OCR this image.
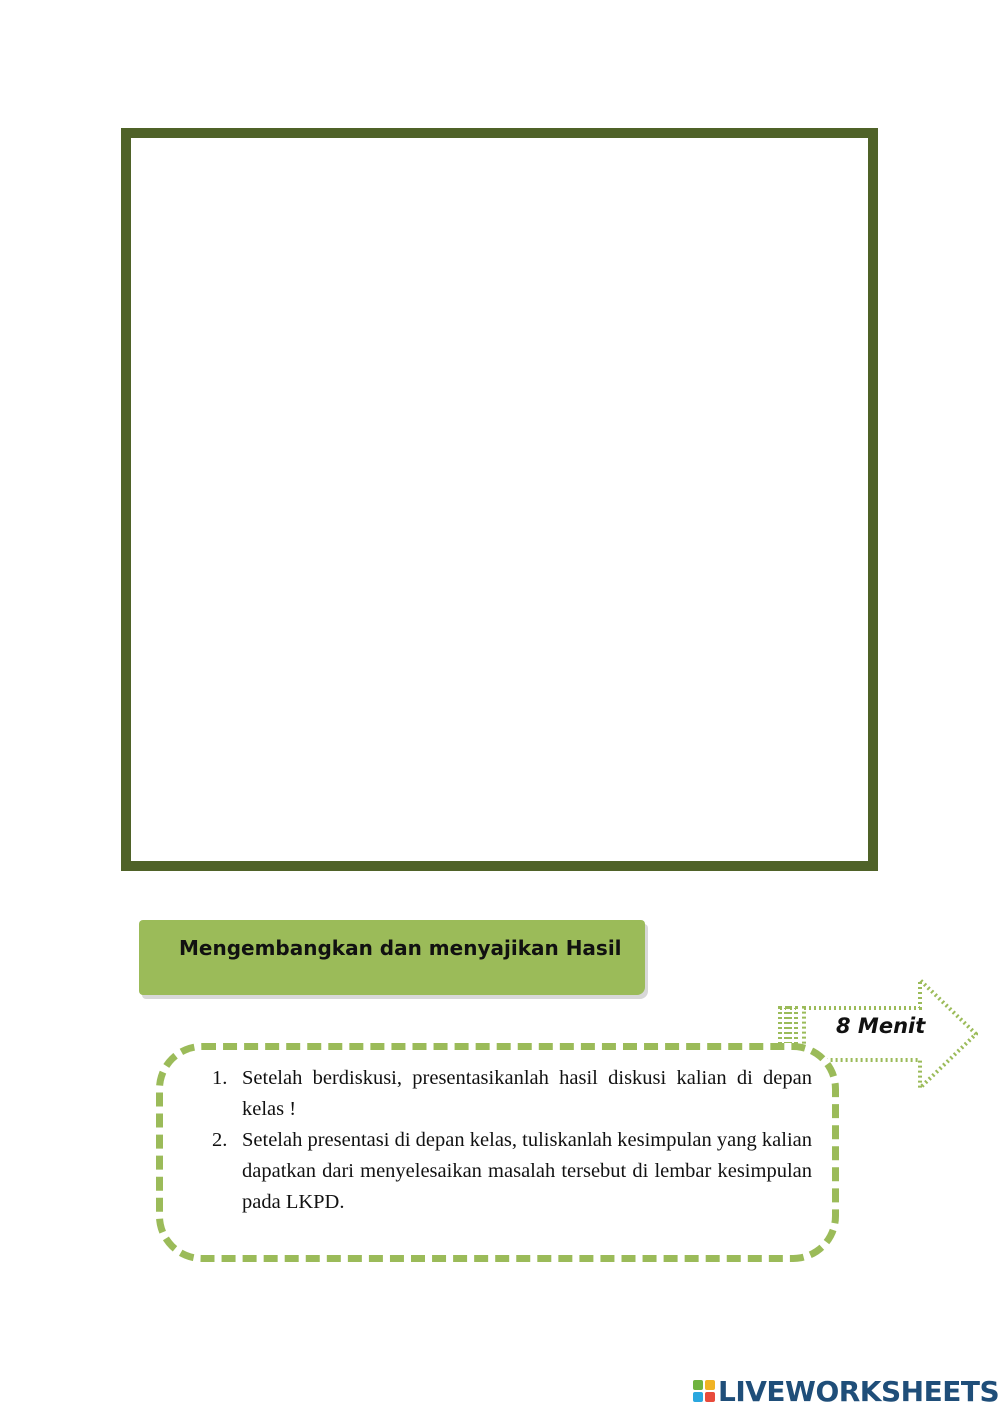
Mengembangkan dan menyajikan Hasil
8 Menit
1. Setelah berdiskusi, presentasikanlah hasil diskusi kalian di depan kelas !
2. Setelah presentasi di depan kelas, tuliskanlah kesimpulan yang kalian dapatkan dari menyelesaikan masalah tersebut di lembar kesimpulan pada LKPD.
LIVEWORKSHEETS
